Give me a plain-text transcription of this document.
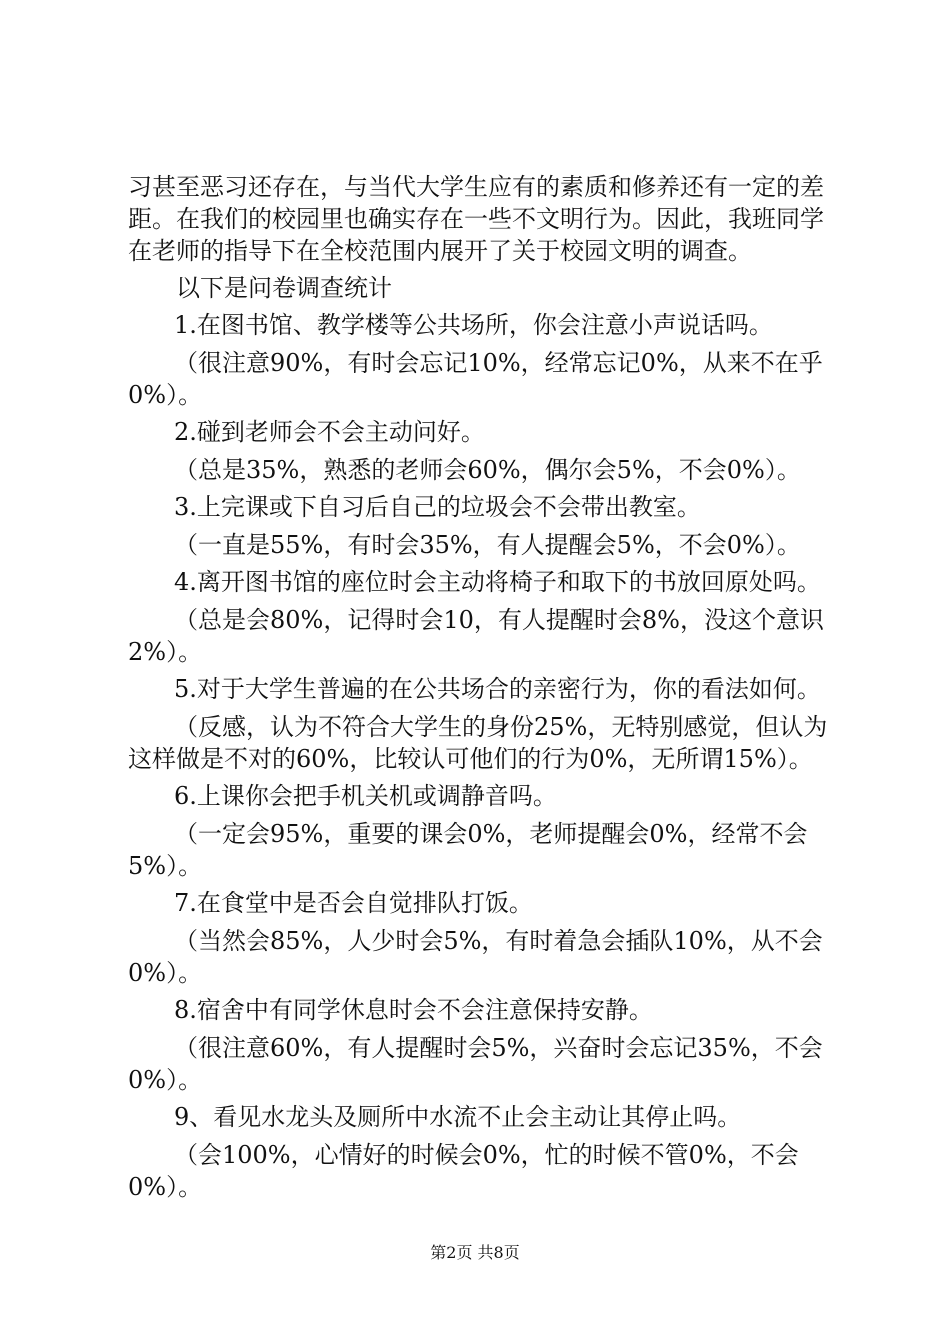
习甚至恶习还存在，与当代大学生应有的素质和修养还有一定的差距。在我们的校园里也确实存在一些不文明行为。因此，我班同学在老师的指导下在全校范围内展开了关于校园文明的调查。

以下是问卷调查统计

1.在图书馆、教学楼等公共场所，你会注意小声说话吗。

（很注意90%，有时会忘记10%，经常忘记0%，从来不在乎0%）。

2.碰到老师会不会主动问好。

（总是35%，熟悉的老师会60%，偶尔会5%，不会0%）。

3.上完课或下自习后自己的垃圾会不会带出教室。

（一直是55%，有时会35%，有人提醒会5%，不会0%）。

4.离开图书馆的座位时会主动将椅子和取下的书放回原处吗。

（总是会80%，记得时会10，有人提醒时会8%，没这个意识2%）。

5.对于大学生普遍的在公共场合的亲密行为，你的看法如何。

（反感，认为不符合大学生的身份25%，无特别感觉，但认为这样做是不对的60%，比较认可他们的行为0%，无所谓15%）。

6.上课你会把手机关机或调静音吗。

（一定会95%，重要的课会0%，老师提醒会0%，经常不会5%）。

7.在食堂中是否会自觉排队打饭。

（当然会85%，人少时会5%，有时着急会插队10%，从不会0%）。

8.宿舍中有同学休息时会不会注意保持安静。

（很注意60%，有人提醒时会5%，兴奋时会忘记35%，不会0%）。

9、看见水龙头及厕所中水流不止会主动让其停止吗。

（会100%，心情好的时候会0%，忙的时候不管0%，不会0%）。

第2页 共8页
